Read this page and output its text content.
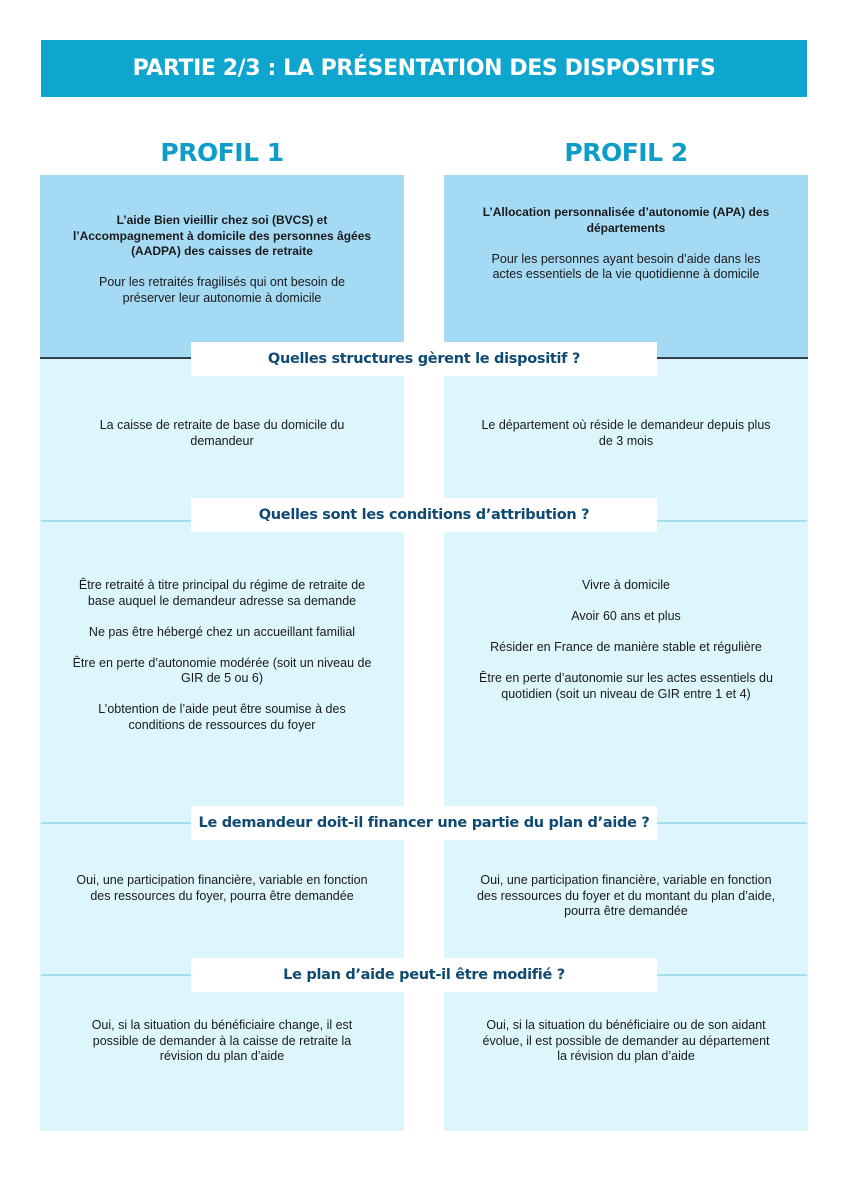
PARTIE 2/3 : LA PRÉSENTATION DES DISPOSITIFS
PROFIL 1	PROFIL 2

L’aide Bien vieillir chez soi (BVCS) et l’Accompagnement à domicile des personnes âgées (AADPA) des caisses de retraite

Pour les retraités fragilisés qui ont besoin de préserver leur autonomie à domicile

L’Allocation personnalisée d’autonomie (APA) des départements

Pour les personnes ayant besoin d’aide dans les actes essentiels de la vie quotidienne à domicile

Quelles structures gèrent le dispositif ?
Quelles sont les conditions d’attribution ?
Le demandeur doit-il financer une partie du plan d’aide ?
Le plan d’aide peut-il être modifié ?
La caisse de retraite de base du domicile du demandeur
Le département où réside le demandeur depuis plus de 3 mois

Être retraité à titre principal du régime de retraite de base auquel le demandeur adresse sa demande

Ne pas être hébergé chez un accueillant familial

Être en perte d’autonomie modérée (soit un niveau de GIR de 5 ou 6)

L’obtention de l’aide peut être soumise à des conditions de ressources du foyer

Vivre à domicile

Avoir 60 ans et plus

Résider en France de manière stable et régulière

Être en perte d’autonomie sur les actes essentiels du quotidien (soit un niveau de GIR entre 1 et 4)

Oui, une participation financière, variable en fonction des ressources du foyer, pourra être demandée
Oui, une participation financière, variable en fonction des ressources du foyer et du montant du plan d’aide, pourra être demandée
Oui, si la situation du bénéficiaire change, il est possible de demander à la caisse de retraite la révision du plan d’aide
Oui, si la situation du bénéficiaire ou de son aidant évolue, il est possible de demander au département la révision du plan d’aide
